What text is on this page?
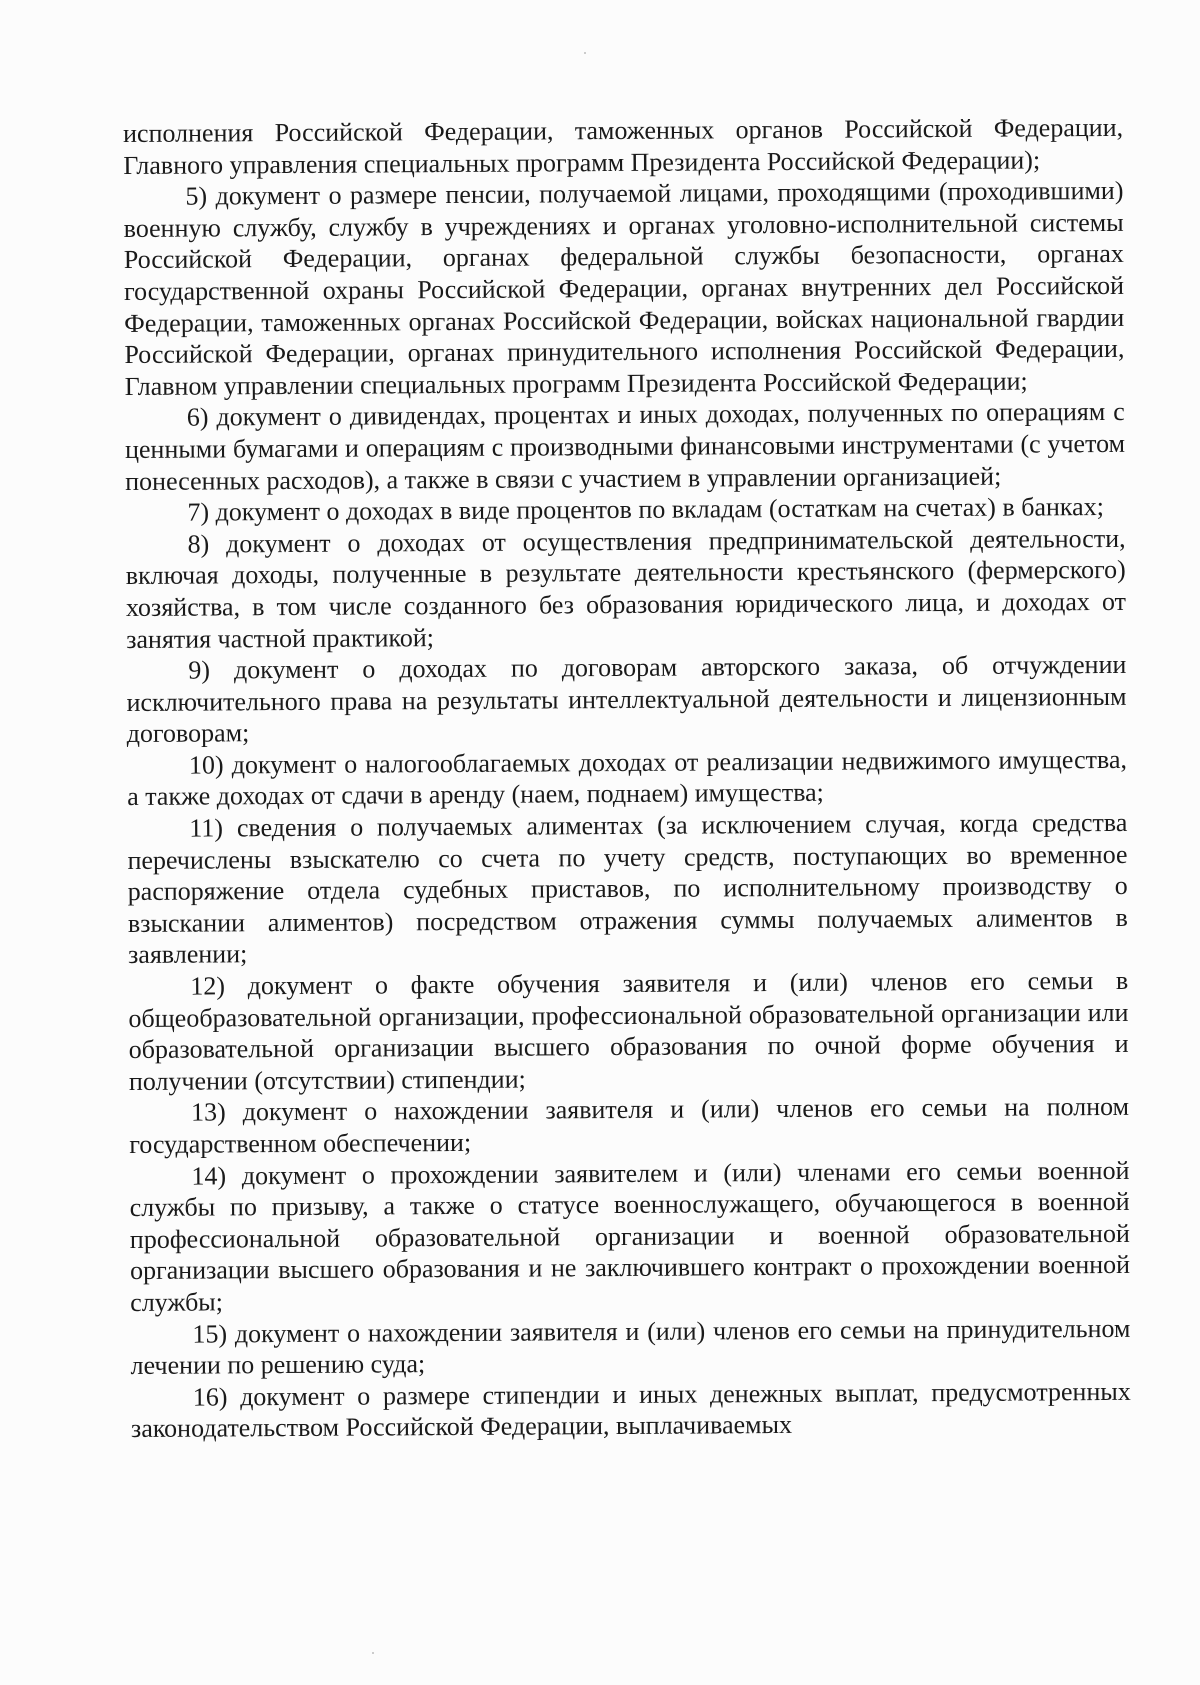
исполнения Российской Федерации, таможенных органов Российской Федерации, Главного управления специальных программ Президента Российской Федерации);

5) документ о размере пенсии, получаемой лицами, проходящими (проходившими) военную службу, службу в учреждениях и органах уголовно-исполнительной системы Российской Федерации, органах федеральной службы безопасности, органах государственной охраны Российской Федерации, органах внутренних дел Российской Федерации, таможенных органах Российской Федерации, войсках национальной гвардии Российской Федерации, органах принудительного исполнения Российской Федерации, Главном управлении специальных программ Президента Российской Федерации;

6) документ о дивидендах, процентах и иных доходах, полученных по операциям с ценными бумагами и операциям с производными финансовыми инструментами (с учетом понесенных расходов), а также в связи с участием в управлении организацией;

7) документ о доходах в виде процентов по вкладам (остаткам на счетах) в банках;

8) документ о доходах от осуществления предпринимательской деятельности, включая доходы, полученные в результате деятельности крестьянского (фермерского) хозяйства, в том числе созданного без образования юридического лица, и доходах от занятия частной практикой;

9) документ о доходах по договорам авторского заказа, об отчуждении исключительного права на результаты интеллектуальной деятельности и лицензионным договорам;

10) документ о налогооблагаемых доходах от реализации недвижимого имущества, а также доходах от сдачи в аренду (наем, поднаем) имущества;

11) сведения о получаемых алиментах (за исключением случая, когда средства перечислены взыскателю со счета по учету средств, поступающих во временное распоряжение отдела судебных приставов, по исполнительному производству о взыскании алиментов) посредством отражения суммы получаемых алиментов в заявлении;

12) документ о факте обучения заявителя и (или) членов его семьи в общеобразовательной организации, профессиональной образовательной организации или образовательной организации высшего образования по очной форме обучения и получении (отсутствии) стипендии;

13) документ о нахождении заявителя и (или) членов его семьи на полном государственном обеспечении;

14) документ о прохождении заявителем и (или) членами его семьи военной службы по призыву, а также о статусе военнослужащего, обучающегося в военной профессиональной образовательной организации и военной образовательной организации высшего образования и не заключившего контракт о прохождении военной службы;

15) документ о нахождении заявителя и (или) членов его семьи на принудительном лечении по решению суда;

16) документ о размере стипендии и иных денежных выплат, предусмотренных законодательством Российской Федерации, выплачиваемых
